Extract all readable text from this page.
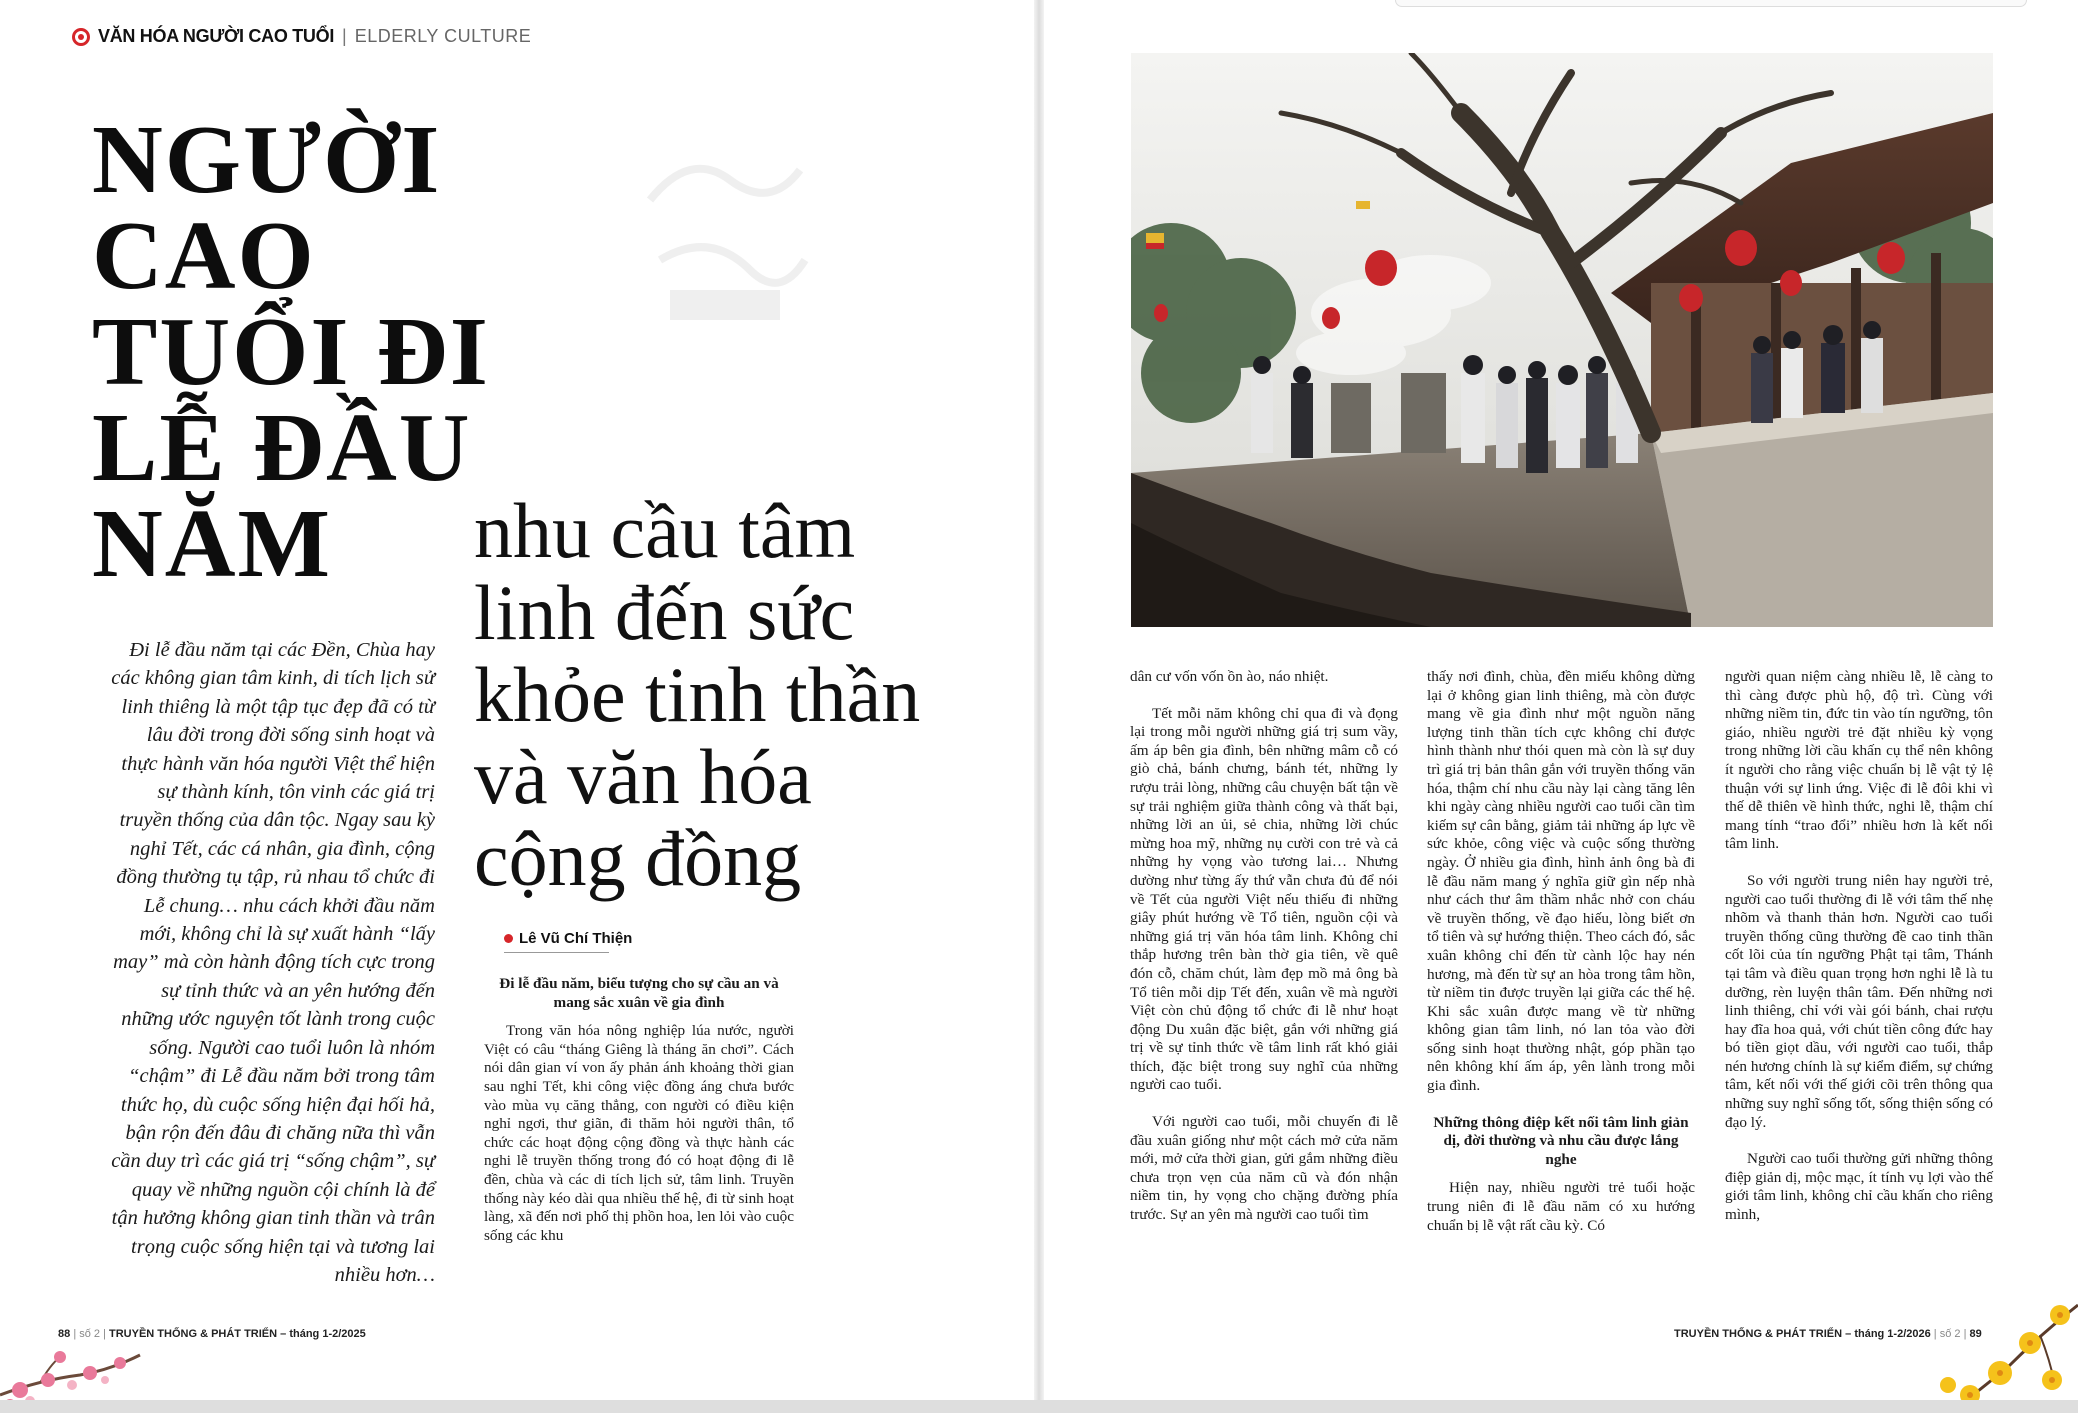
VĂN HÓA NGƯỜI CAO TUỔI | ELDERLY CULTURE
NGƯỜI
CAO
TUỔI ĐI
LỄ ĐẦU
NĂM	nhu cầu tâm
linh đến sức
khỏe tinh thần
và văn hóa
cộng đồng

Đi lễ đầu năm tại các Đền, Chùa hay các không gian tâm kinh, di tích lịch sử linh thiêng là một tập tục đẹp đã có từ lâu đời trong đời sống sinh hoạt và thực hành văn hóa người Việt thể hiện sự thành kính, tôn vinh các giá trị truyền thống của dân tộc. Ngay sau kỳ nghỉ Tết, các cá nhân, gia đình, cộng đồng thường tụ tập, rủ nhau tổ chức đi Lễ chung… nhu cách khởi đầu năm mới, không chỉ là sự xuất hành “lấy may” mà còn hành động tích cực trong sự tỉnh thức và an yên hướng đến những ước nguyện tốt lành trong cuộc sống. Người cao tuổi luôn là nhóm “chậm” đi Lễ đầu năm bởi trong tâm thức họ, dù cuộc sống hiện đại hối hả, bận rộn đến đâu đi chăng nữa thì vẫn cần duy trì các giá trị “sống chậm”, sự quay về những nguồn cội chính là để tận hưởng không gian tinh thần và trân trọng cuộc sống hiện tại và tương lai nhiều hơn…

Lê Vũ Chí Thiện
Đi lễ đầu năm, biểu tượng cho sự cầu an và mang sắc xuân về gia đình

Trong văn hóa nông nghiệp lúa nước, người Việt có câu “tháng Giêng là tháng ăn chơi”. Cách nói dân gian ví von ấy phản ánh khoảng thời gian sau nghỉ Tết, khi công việc đồng áng chưa bước vào mùa vụ căng thẳng, con người có điều kiện nghỉ ngơi, thư giãn, đi thăm hỏi người thân, tổ chức các hoạt động cộng đồng và thực hành các nghi lễ truyền thống trong đó có hoạt động đi lễ đền, chùa và các di tích lịch sử, tâm linh. Truyền thống này kéo dài qua nhiều thế hệ, đi từ sinh hoạt làng, xã đến nơi phố thị phồn hoa, len lỏi vào cuộc sống các khu

dân cư vốn vốn ồn ào, náo nhiệt.

Tết mỗi năm không chỉ qua đi và đọng lại trong mỗi người những giá trị sum vầy, ấm áp bên gia đình, bên những mâm cỗ có giò chả, bánh chưng, bánh tét, những ly rượu trải lòng, những câu chuyện bất tận về sự trải nghiệm giữa thành công và thất bại, những lời an ủi, sẻ chia, những lời chúc mừng hoa mỹ, những nụ cười con trẻ và cả những hy vọng vào tương lai… Nhưng dường như từng ấy thứ vẫn chưa đủ để nói về Tết của người Việt nếu thiếu đi những giây phút hướng về Tổ tiên, nguồn cội và những giá trị văn hóa tâm linh. Không chỉ thắp hương trên bàn thờ gia tiên, về quê đón cỗ, chăm chút, làm đẹp mồ mả ông bà Tổ tiên mỗi dịp Tết đến, xuân về mà người Việt còn chủ động tổ chức đi lễ như hoạt động Du xuân đặc biệt, gắn với những giá trị về sự tỉnh thức về tâm linh rất khó giải thích, đặc biệt trong suy nghĩ của những người cao tuổi.

Với người cao tuổi, mỗi chuyến đi lễ đầu xuân giống như một cách mở cửa năm mới, mở cửa thời gian, gửi gắm những điều chưa trọn vẹn của năm cũ và đón nhận niềm tin, hy vọng cho chặng đường phía trước. Sự an yên mà người cao tuổi tìm

thấy nơi đình, chùa, đền miếu không dừng lại ở không gian linh thiêng, mà còn được mang về gia đình như một nguồn năng lượng tinh thần tích cực không chỉ được hình thành như thói quen mà còn là sự duy trì giá trị bản thân gắn với truyền thống văn hóa, thậm chí nhu cầu này lại càng tăng lên khi ngày càng nhiều người cao tuổi cần tìm kiếm sự cân bằng, giảm tải những áp lực về sức khỏe, công việc và cuộc sống thường ngày. Ở nhiều gia đình, hình ảnh ông bà đi lễ đầu năm mang ý nghĩa giữ gìn nếp nhà như cách thư âm thầm nhắc nhở con cháu về truyền thống, về đạo hiếu, lòng biết ơn tổ tiên và sự hướng thiện. Theo cách đó, sắc xuân không chỉ đến từ cành lộc hay nén hương, mà đến từ sự an hòa trong tâm hồn, từ niềm tin được truyền lại giữa các thế hệ. Khi sắc xuân được mang về từ những không gian tâm linh, nó lan tỏa vào đời sống sinh hoạt thường nhật, góp phần tạo nên không khí ấm áp, yên lành trong mỗi gia đình.

Những thông điệp kết nối tâm linh giản dị, đời thường và nhu cầu được lắng nghe

Hiện nay, nhiều người trẻ tuổi hoặc trung niên đi lễ đầu năm có xu hướng chuẩn bị lễ vật rất cầu kỳ. Có

người quan niệm càng nhiều lễ, lễ càng to thì càng được phù hộ, độ trì. Cùng với những niềm tin, đức tin vào tín ngưỡng, tôn giáo, nhiều người trẻ đặt nhiều kỳ vọng trong những lời cầu khấn cụ thể nên không ít người cho rằng việc chuẩn bị lễ vật tỷ lệ thuận với sự linh ứng. Việc đi lễ đôi khi vì thế dễ thiên về hình thức, nghi lễ, thậm chí mang tính “trao đổi” nhiều hơn là kết nối tâm linh.

So với người trung niên hay người trẻ, người cao tuổi thường đi lễ với tâm thế nhẹ nhõm và thanh thản hơn. Người cao tuổi truyền thống cũng thường đề cao tinh thần cốt lõi của tín ngưỡng Phật tại tâm, Thánh tại tâm và điều quan trọng hơn nghi lễ là tu dưỡng, rèn luyện thân tâm. Đến những nơi linh thiêng, chỉ với vài gói bánh, chai rượu hay đĩa hoa quả, với chút tiền công đức hay bó tiền giọt dầu, với người cao tuổi, thắp nén hương chính là sự kiểm điểm, sự chứng tâm, kết nối với thế giới cõi trên thông qua những suy nghĩ sống tốt, sống thiện sống có đạo lý.

Người cao tuổi thường gửi những thông điệp giản dị, mộc mạc, ít tính vụ lợi vào thế giới tâm linh, không chỉ cầu khấn cho riêng mình,

88 | số 2 | TRUYỀN THỐNG & PHÁT TRIỂN – tháng 1-2/2025	TRUYỀN THỐNG & PHÁT TRIỂN – tháng 1-2/2026 | số 2 | 89
